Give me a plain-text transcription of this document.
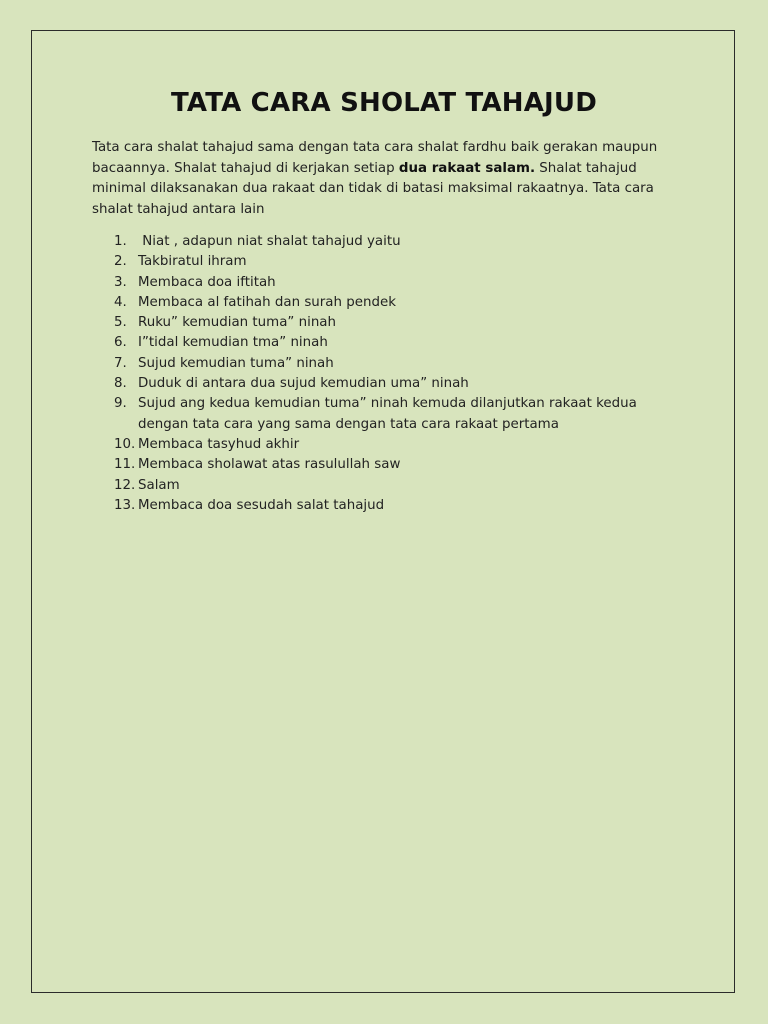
TATA CARA SHOLAT TAHAJUD

Tata cara shalat tahajud sama dengan tata cara shalat fardhu baik gerakan maupun bacaannya. Shalat tahajud di kerjakan setiap dua rakaat salam. Shalat tahajud minimal dilaksanakan dua rakaat dan tidak di batasi maksimal rakaatnya. Tata cara shalat tahajud antara lain

1. Niat , adapun niat shalat tahajud yaitu
2. Takbiratul ihram
3. Membaca doa iftitah
4. Membaca al fatihah dan surah pendek
5. Ruku” kemudian tuma” ninah
6. I”tidal kemudian tma” ninah
7. Sujud kemudian tuma” ninah
8. Duduk di antara dua sujud kemudian uma” ninah
9. Sujud ang kedua kemudian tuma” ninah kemuda dilanjutkan rakaat kedua dengan tata cara yang sama dengan tata cara rakaat pertama
10. Membaca tasyhud akhir
11. Membaca sholawat atas rasulullah saw
12. Salam
13. Membaca doa sesudah salat tahajud
